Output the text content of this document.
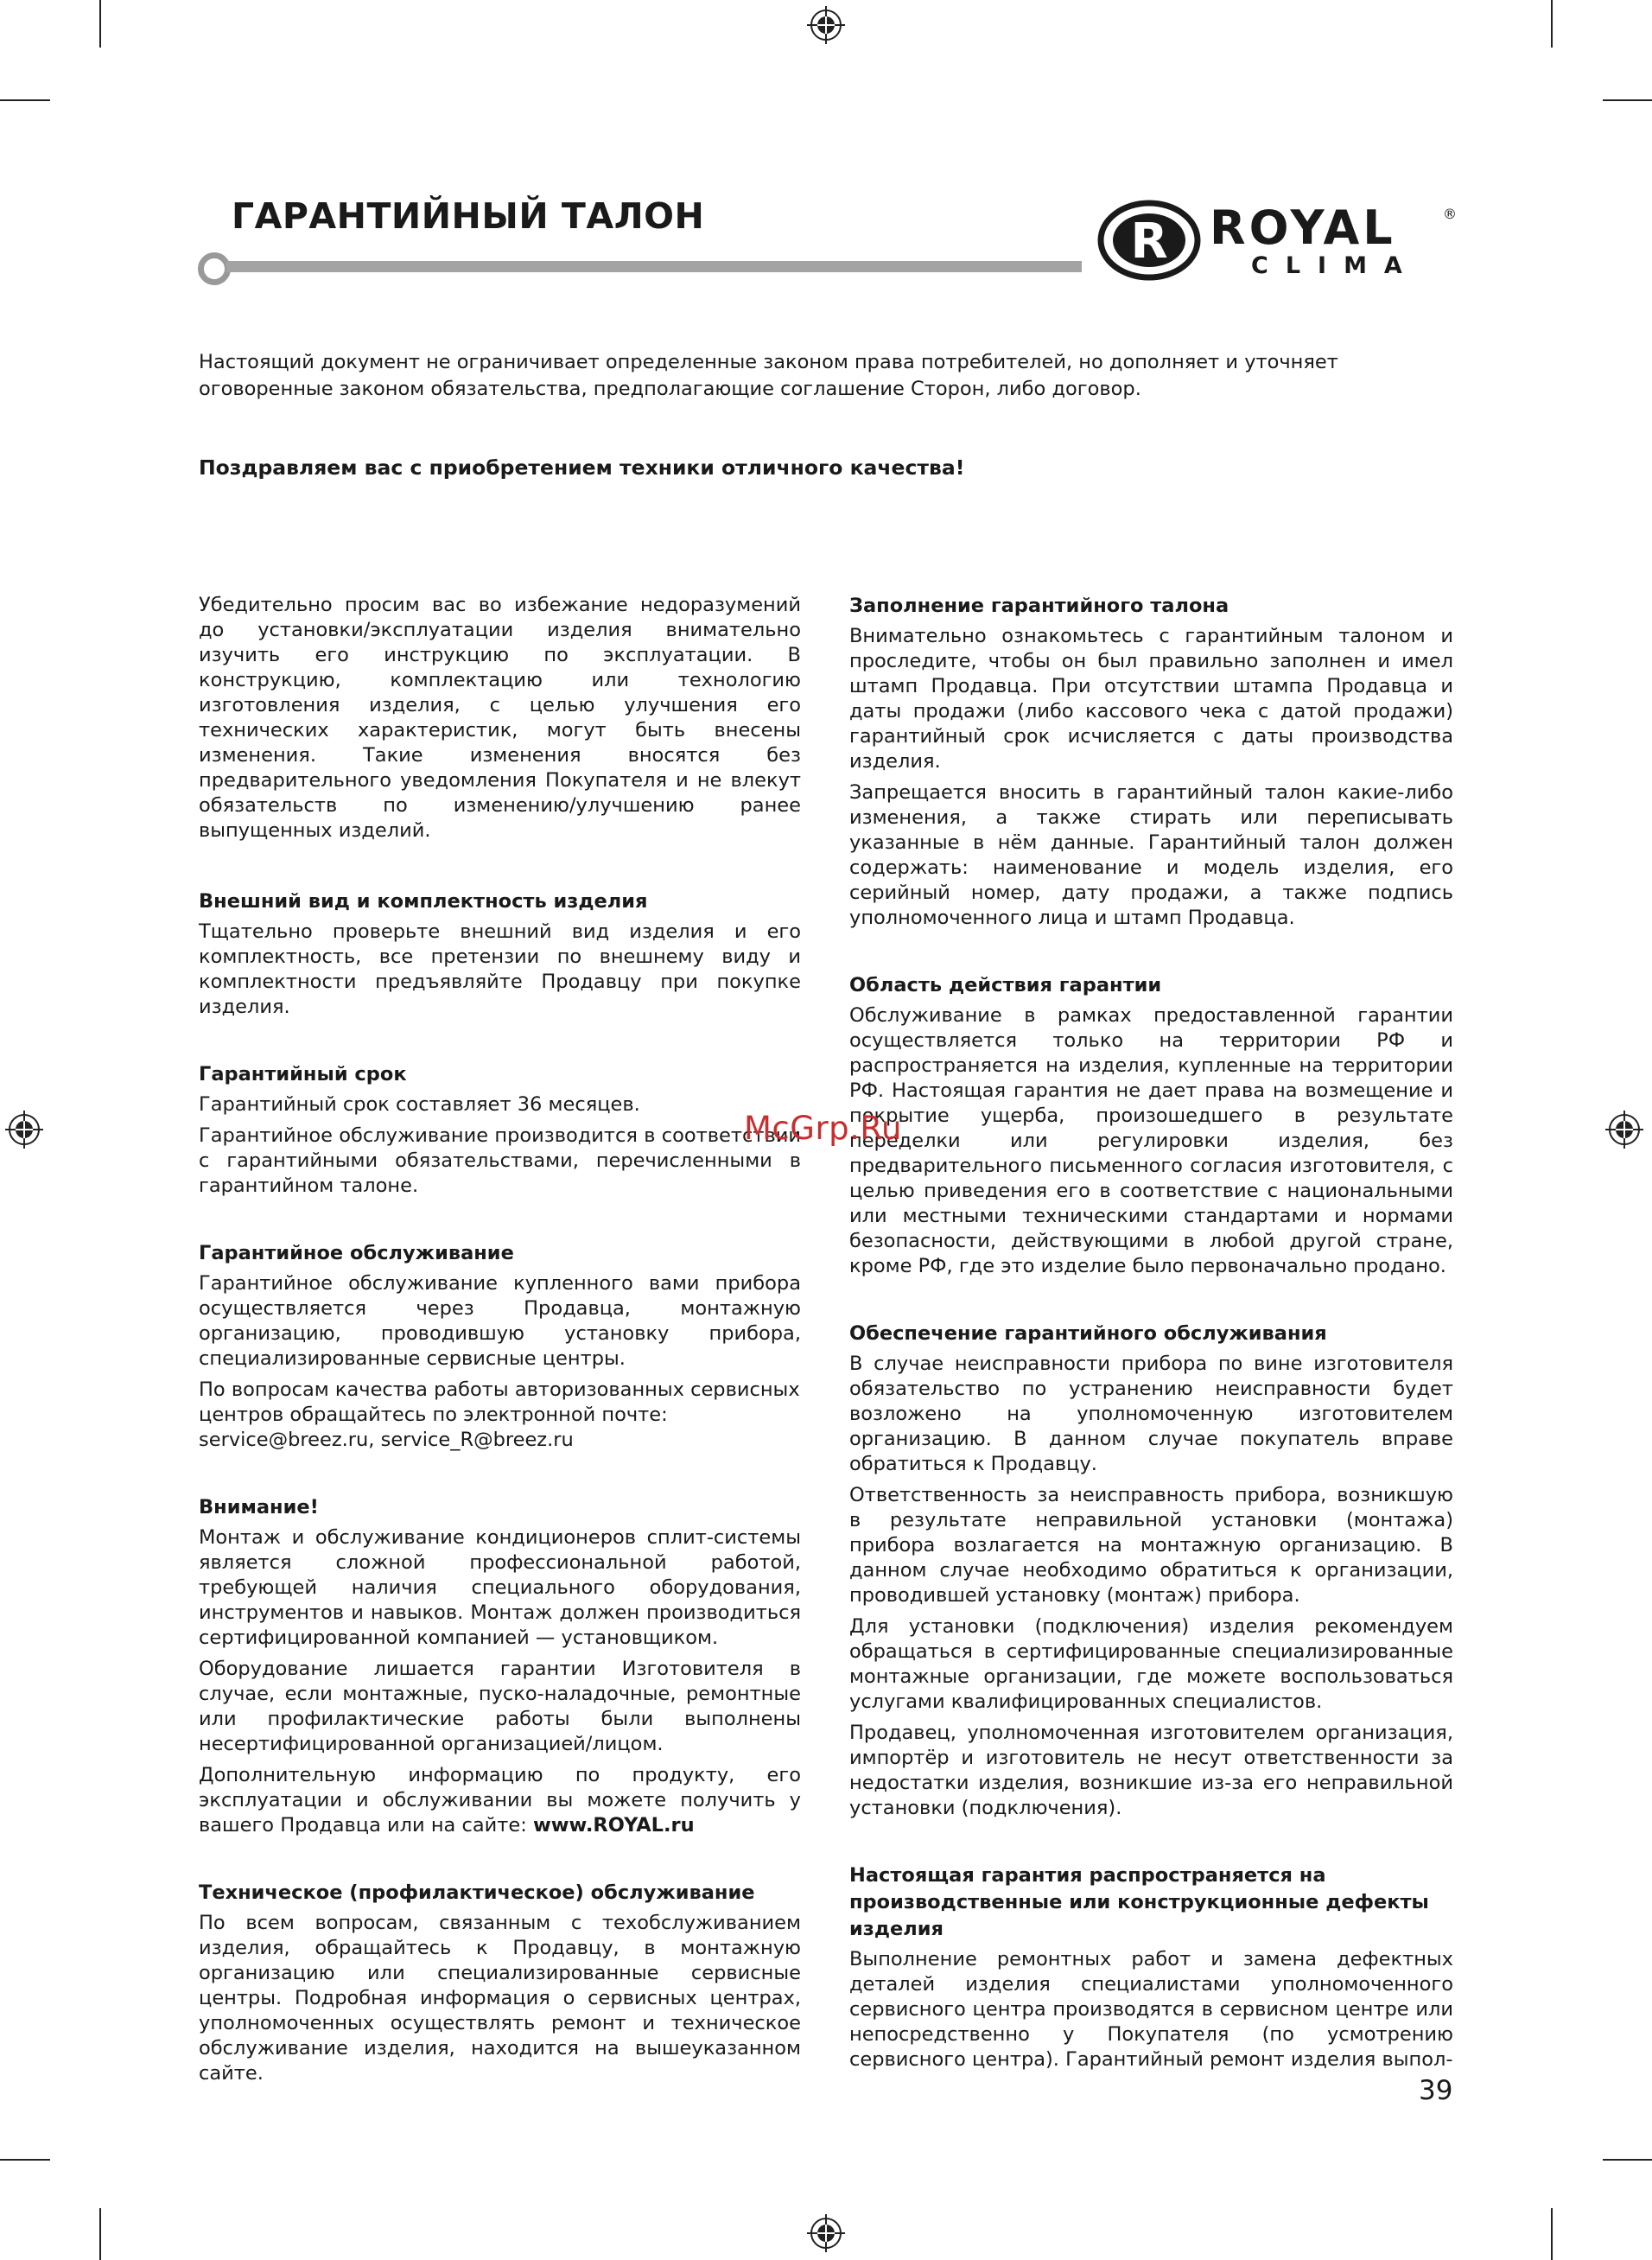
ГАРАНТИЙНЫЙ ТАЛОН	R ROYAL	®
CLIMA

Настоящий документ не ограничивает определенные законом права потребителей, но дополняет и уточняет оговоренные законом обязательства, предполагающие соглашение Сторон, либо договор.

Поздравляем вас с приобретением техники отличного качества!

Убедительно просим вас во избежание недоразумений до установки/эксплуатации изделия внимательно изучить его инструкцию по эксплуатации. В конструкцию, комплектацию или технологию изготовления изделия, с целью улучшения его технических характеристик, могут быть внесены изменения. Такие изменения вносятся без предварительного уведомления Покупателя и не влекут обязательств по изменению/улучшению ранее выпущенных изделий.

Внешний вид и комплектность изделия

Тщательно проверьте внешний вид изделия и его комплектность, все претензии по внешнему виду и комплектности предъявляйте Продавцу при покупке изделия.

Гарантийный срок

Гарантийный срок составляет 36 месяцев.

Гарантийное обслуживание производится в соответствии с гарантийными обязательствами, перечисленными в гарантийном талоне.

Гарантийное обслуживание

Гарантийное обслуживание купленного вами прибора осуществляется через Продавца, монтажную организацию, проводившую установку прибора, специализированные сервисные центры.

По вопросам качества работы авторизованных сервисных центров обращайтесь по электронной почте: service@breez.ru, service_R@breez.ru

Внимание!

Монтаж и обслуживание кондиционеров сплит-системы является сложной профессиональной работой, требующей наличия специального оборудования, инструментов и навыков. Монтаж должен производиться сертифицированной компанией — установщиком.

Оборудование лишается гарантии Изготовителя в случае, если монтажные, пуско-наладочные, ремонтные или профилактические работы были выполнены несертифицированной организацией/лицом.

Дополнительную информацию по продукту, его эксплуатации и обслуживании вы можете получить у вашего Продавца или на сайте: www.ROYAL.ru

Техническое (профилактическое) обслуживание

По всем вопросам, связанным с техобслуживанием изделия, обращайтесь к Продавцу, в монтажную организацию или специализированные сервисные центры. Подробная информация о сервисных центрах, уполномоченных осуществлять ремонт и техническое обслуживание изделия, находится на вышеуказанном сайте.

Заполнение гарантийного талона

Внимательно ознакомьтесь с гарантийным талоном и проследите, чтобы он был правильно заполнен и имел штамп Продавца. При отсутствии штампа Продавца и даты продажи (либо кассового чека с датой продажи) гарантийный срок исчисляется с даты производства изделия.

Запрещается вносить в гарантийный талон какие-либо изменения, а также стирать или переписывать указанные в нём данные. Гарантийный талон должен содержать: наименование и модель изделия, его серийный номер, дату продажи, а также подпись уполномоченного лица и штамп Продавца.

Область действия гарантии

Обслуживание в рамках предоставленной гарантии осуществляется только на территории РФ и распространяется на изделия, купленные на территории РФ. Настоящая гарантия не дает права на возмещение и покрытие ущерба, произошедшего в результате переделки или регулировки изделия, без предварительного письменного согласия изготовителя, с целью приведения его в соответствие с национальными или местными техническими стандартами и нормами безопасности, действующими в любой другой стране, кроме РФ, где это изделие было первоначально продано.

Обеспечение гарантийного обслуживания

В случае неисправности прибора по вине изготовителя обязательство по устранению неисправности будет возложено на уполномоченную изготовителем организацию. В данном случае покупатель вправе обратиться к Продавцу.

Ответственность за неисправность прибора, возникшую в результате неправильной установки (монтажа) прибора возлагается на монтажную организацию. В данном случае необходимо обратиться к организации, проводившей установку (монтаж) прибора.

Для установки (подключения) изделия рекомендуем обращаться в сертифицированные специализированные монтажные организации, где можете воспользоваться услугами квалифицированных специалистов.

Продавец, уполномоченная изготовителем организация, импортёр и изготовитель не несут ответственности за недостатки изделия, возникшие из-за его неправильной установки (подключения).

Настоящая гарантия распространяется на производственные или конструкционные дефекты изделия

Выполнение ремонтных работ и замена дефектных деталей изделия специалистами уполномоченного сервисного центра производятся в сервисном центре или непосредственно у Покупателя (по усмотрению сервисного центра). Гарантийный ремонт изделия выпол-

McGrp.Ru
39
